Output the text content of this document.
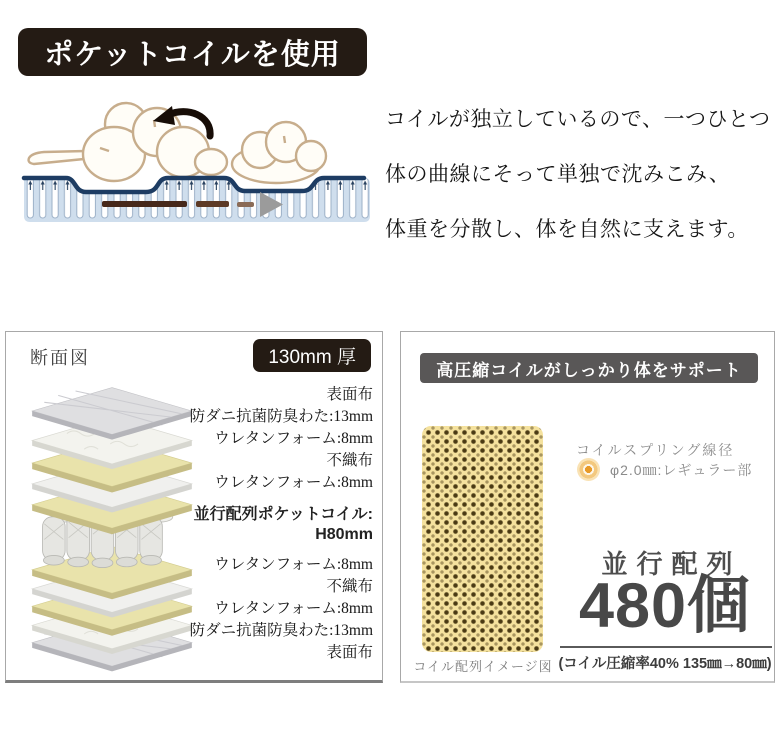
ポケットコイルを使用
コイルが独立しているので、一つひとつ
体の曲線にそって単独で沈みこみ、
体重を分散し、体を自然に支えます。
断面図	130mm 厚
表面布
防ダニ抗菌防臭わた:13mm
ウレタンフォーム:8mm
不織布
ウレタンフォーム:8mm
並行配列ポケットコイル:
H80mm
ウレタンフォーム:8mm
不織布
ウレタンフォーム:8mm
防ダニ抗菌防臭わた:13mm
表面布
高圧縮コイルがしっかり体をサポート
コイル配列イメージ図
コイルスプリング線径
φ2.0㎜:レギュラー部
並行配列
480個
(コイル圧縮率40% 135㎜→80㎜)
